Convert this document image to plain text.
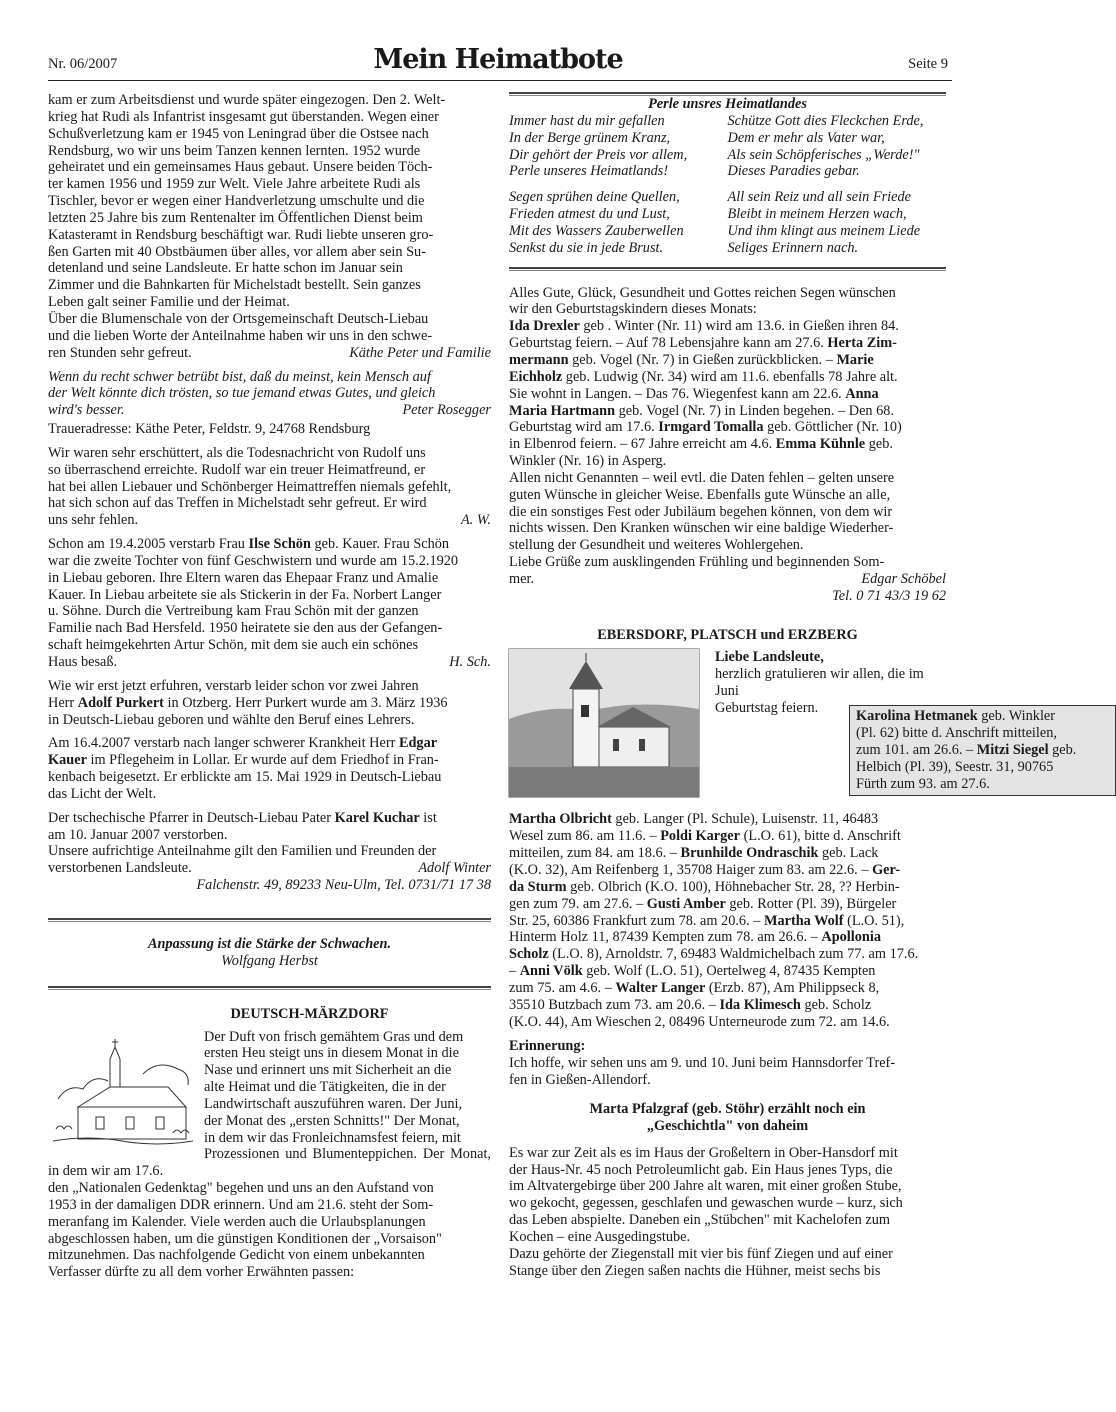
Nr. 06/2007	Mein Heimatbote	Seite 9

kam er zum Arbeitsdienst und wurde später eingezogen. Den 2. Welt-

krieg hat Rudi als Infantrist insgesamt gut überstanden. Wegen einer

Schußverletzung kam er 1945 von Leningrad über die Ostsee nach

Rendsburg, wo wir uns beim Tanzen kennen lernten. 1952 wurde

geheiratet und ein gemeinsames Haus gebaut. Unsere beiden Töch-

ter kamen 1956 und 1959 zur Welt. Viele Jahre arbeitete Rudi als

Tischler, bevor er wegen einer Handverletzung umschulte und die

letzten 25 Jahre bis zum Rentenalter im Öffentlichen Dienst beim

Katasteramt in Rendsburg beschäftigt war. Rudi liebte unseren gro-

ßen Garten mit 40 Obstbäumen über alles, vor allem aber sein Su-

detenland und seine Landsleute. Er hatte schon im Januar sein

Zimmer und die Bahnkarten für Michelstadt bestellt. Sein ganzes

Leben galt seiner Familie und der Heimat.

Über die Blumenschale von der Ortsgemeinschaft Deutsch-Liebau

und die lieben Worte der Anteilnahme haben wir uns in den schwe-

ren Stunden sehr gefreut.	Käthe Peter und Familie

Wenn du recht schwer betrübt bist, daß du meinst, kein Mensch auf

der Welt könnte dich trösten, so tue jemand etwas Gutes, und gleich

wird's besser.	Peter Rosegger

Traueradresse: Käthe Peter, Feldstr. 9, 24768 Rendsburg

Wir waren sehr erschüttert, als die Todesnachricht von Rudolf uns

so überraschend erreichte. Rudolf war ein treuer Heimatfreund, er

hat bei allen Liebauer und Schönberger Heimattreffen niemals gefehlt,

hat sich schon auf das Treffen in Michelstadt sehr gefreut. Er wird

uns sehr fehlen.	A. W.

Schon am 19.4.2005 verstarb Frau Ilse Schön geb. Kauer. Frau Schön

war die zweite Tochter von fünf Geschwistern und wurde am 15.2.1920

in Liebau geboren. Ihre Eltern waren das Ehepaar Franz und Amalie

Kauer. In Liebau arbeitete sie als Stickerin in der Fa. Norbert Langer

u. Söhne. Durch die Vertreibung kam Frau Schön mit der ganzen

Familie nach Bad Hersfeld. 1950 heiratete sie den aus der Gefangen-

schaft heimgekehrten Artur Schön, mit dem sie auch ein schönes

Haus besaß.	H. Sch.

Wie wir erst jetzt erfuhren, verstarb leider schon vor zwei Jahren

Herr Adolf Purkert in Otzberg. Herr Purkert wurde am 3. März 1936

in Deutsch-Liebau geboren und wählte den Beruf eines Lehrers.

Am 16.4.2007 verstarb nach langer schwerer Krankheit Herr Edgar

Kauer im Pflegeheim in Lollar. Er wurde auf dem Friedhof in Fran-

kenbach beigesetzt. Er erblickte am 15. Mai 1929 in Deutsch-Liebau

das Licht der Welt.

Der tschechische Pfarrer in Deutsch-Liebau Pater Karel Kuchar ist

am 10. Januar 2007 verstorben.

Unsere aufrichtige Anteilnahme gilt den Familien und Freunden der

verstorbenen Landsleute.	Adolf Winter

Falchenstr. 49, 89233 Neu-Ulm, Tel. 0731/71 17 38

Anpassung ist die Stärke der Schwachen.

Wolfgang Herbst

DEUTSCH-MÄRZDORF

Der Duft von frisch gemähtem Gras und dem

ersten Heu steigt uns in diesem Monat in die

Nase und erinnert uns mit Sicherheit an die

alte Heimat und die Tätigkeiten, die in der

Landwirtschaft auszuführen waren. Der Juni,

der Monat des „ersten Schnitts!" Der Monat,

in dem wir das Fronleichnamsfest feiern, mit

Prozessionen und Blumenteppichen. Der Monat, in dem wir am 17.6.

den „Nationalen Gedenktag" begehen und uns an den Aufstand von

1953 in der damaligen DDR erinnern. Und am 21.6. steht der Som-

meranfang im Kalender. Viele werden auch die Urlaubsplanungen

abgeschlossen haben, um die günstigen Konditionen der „Vorsaison"

mitzunehmen. Das nachfolgende Gedicht von einem unbekannten

Verfasser dürfte zu all dem vorher Erwähnten passen:

Perle unsres Heimatlandes

Immer hast du mir gefallen

In der Berge grünem Kranz,

Dir gehört der Preis vor allem,

Perle unseres Heimatlands!

Schütze Gott dies Fleckchen Erde,

Dem er mehr als Vater war,

Als sein Schöpferisches „Werde!"

Dieses Paradies gebar.

Segen sprühen deine Quellen,

Frieden atmest du und Lust,

Mit des Wassers Zauberwellen

Senkst du sie in jede Brust.

All sein Reiz und all sein Friede

Bleibt in meinem Herzen wach,

Und ihm klingt aus meinem Liede

Seliges Erinnern nach.

Alles Gute, Glück, Gesundheit und Gottes reichen Segen wünschen

wir den Geburtstagskindern dieses Monats:

Ida Drexler geb . Winter (Nr. 11) wird am 13.6. in Gießen ihren 84.

Geburtstag feiern. – Auf 78 Lebensjahre kann am 27.6. Herta Zim-

mermann geb. Vogel (Nr. 7) in Gießen zurückblicken. – Marie

Eichholz geb. Ludwig (Nr. 34) wird am 11.6. ebenfalls 78 Jahre alt.

Sie wohnt in Langen. – Das 76. Wiegenfest kann am 22.6. Anna

Maria Hartmann geb. Vogel (Nr. 7) in Linden begehen. – Den 68.

Geburtstag wird am 17.6. Irmgard Tomalla geb. Göttlicher (Nr. 10)

in Elbenrod feiern. – 67 Jahre erreicht am 4.6. Emma Kühnle geb.

Winkler (Nr. 16) in Asperg.

Allen nicht Genannten – weil evtl. die Daten fehlen – gelten unsere

guten Wünsche in gleicher Weise. Ebenfalls gute Wünsche an alle,

die ein sonstiges Fest oder Jubiläum begehen können, von dem wir

nichts wissen. Den Kranken wünschen wir eine baldige Wiederher-

stellung der Gesundheit und weiteres Wohlergehen.

Liebe Grüße zum ausklingenden Frühling und beginnenden Som-

mer.	Edgar Schöbel

Tel. 0 71 43/3 19 62

EBERSDORF, PLATSCH und ERZBERG

Liebe Landsleute,

herzlich gratulieren wir allen, die im Juni

Geburtstag feiern.

Karolina Hetmanek geb. Winkler

(Pl. 62) bitte d. Anschrift mitteilen,

zum 101. am 26.6. – Mitzi Siegel geb.

Helbich (Pl. 39), Seestr. 31, 90765

Fürth zum 93. am 27.6.

Martha Olbricht geb. Langer (Pl. Schule), Luisenstr. 11, 46483

Wesel zum 86. am 11.6. – Poldi Karger (L.O. 61), bitte d. Anschrift

mitteilen, zum 84. am 18.6. – Brunhilde Ondraschik geb. Lack

(K.O. 32), Am Reifenberg 1, 35708 Haiger zum 83. am 22.6. – Ger-

da Sturm geb. Olbrich (K.O. 100), Höhnebacher Str. 28, ?? Herbin-

gen zum 79. am 27.6. – Gusti Amber geb. Rotter (Pl. 39), Bürgeler

Str. 25, 60386 Frankfurt zum 78. am 20.6. – Martha Wolf (L.O. 51),

Hinterm Holz 11, 87439 Kempten zum 78. am 26.6. – Apollonia

Scholz (L.O. 8), Arnoldstr. 7, 69483 Waldmichelbach zum 77. am 17.6.

– Anni Völk geb. Wolf (L.O. 51), Oertelweg 4, 87435 Kempten

zum 75. am 4.6. – Walter Langer (Erzb. 87), Am Philippseck 8,

35510 Butzbach zum 73. am 20.6. – Ida Klimesch geb. Scholz

(K.O. 44), Am Wieschen 2, 08496 Unterneurode zum 72. am 14.6.

Erinnerung:

Ich hoffe, wir sehen uns am 9. und 10. Juni beim Hannsdorfer Tref-

fen in Gießen-Allendorf.

Marta Pfalzgraf (geb. Stöhr) erzählt noch ein

„Geschichtla" von daheim

Es war zur Zeit als es im Haus der Großeltern in Ober-Hansdorf mit

der Haus-Nr. 45 noch Petroleumlicht gab. Ein Haus jenes Typs, die

im Altvatergebirge über 200 Jahre alt waren, mit einer großen Stube,

wo gekocht, gegessen, geschlafen und gewaschen wurde – kurz, sich

das Leben abspielte. Daneben ein „Stübchen" mit Kachelofen zum

Kochen – eine Ausgedingstube.

Dazu gehörte der Ziegenstall mit vier bis fünf Ziegen und auf einer

Stange über den Ziegen saßen nachts die Hühner, meist sechs bis
